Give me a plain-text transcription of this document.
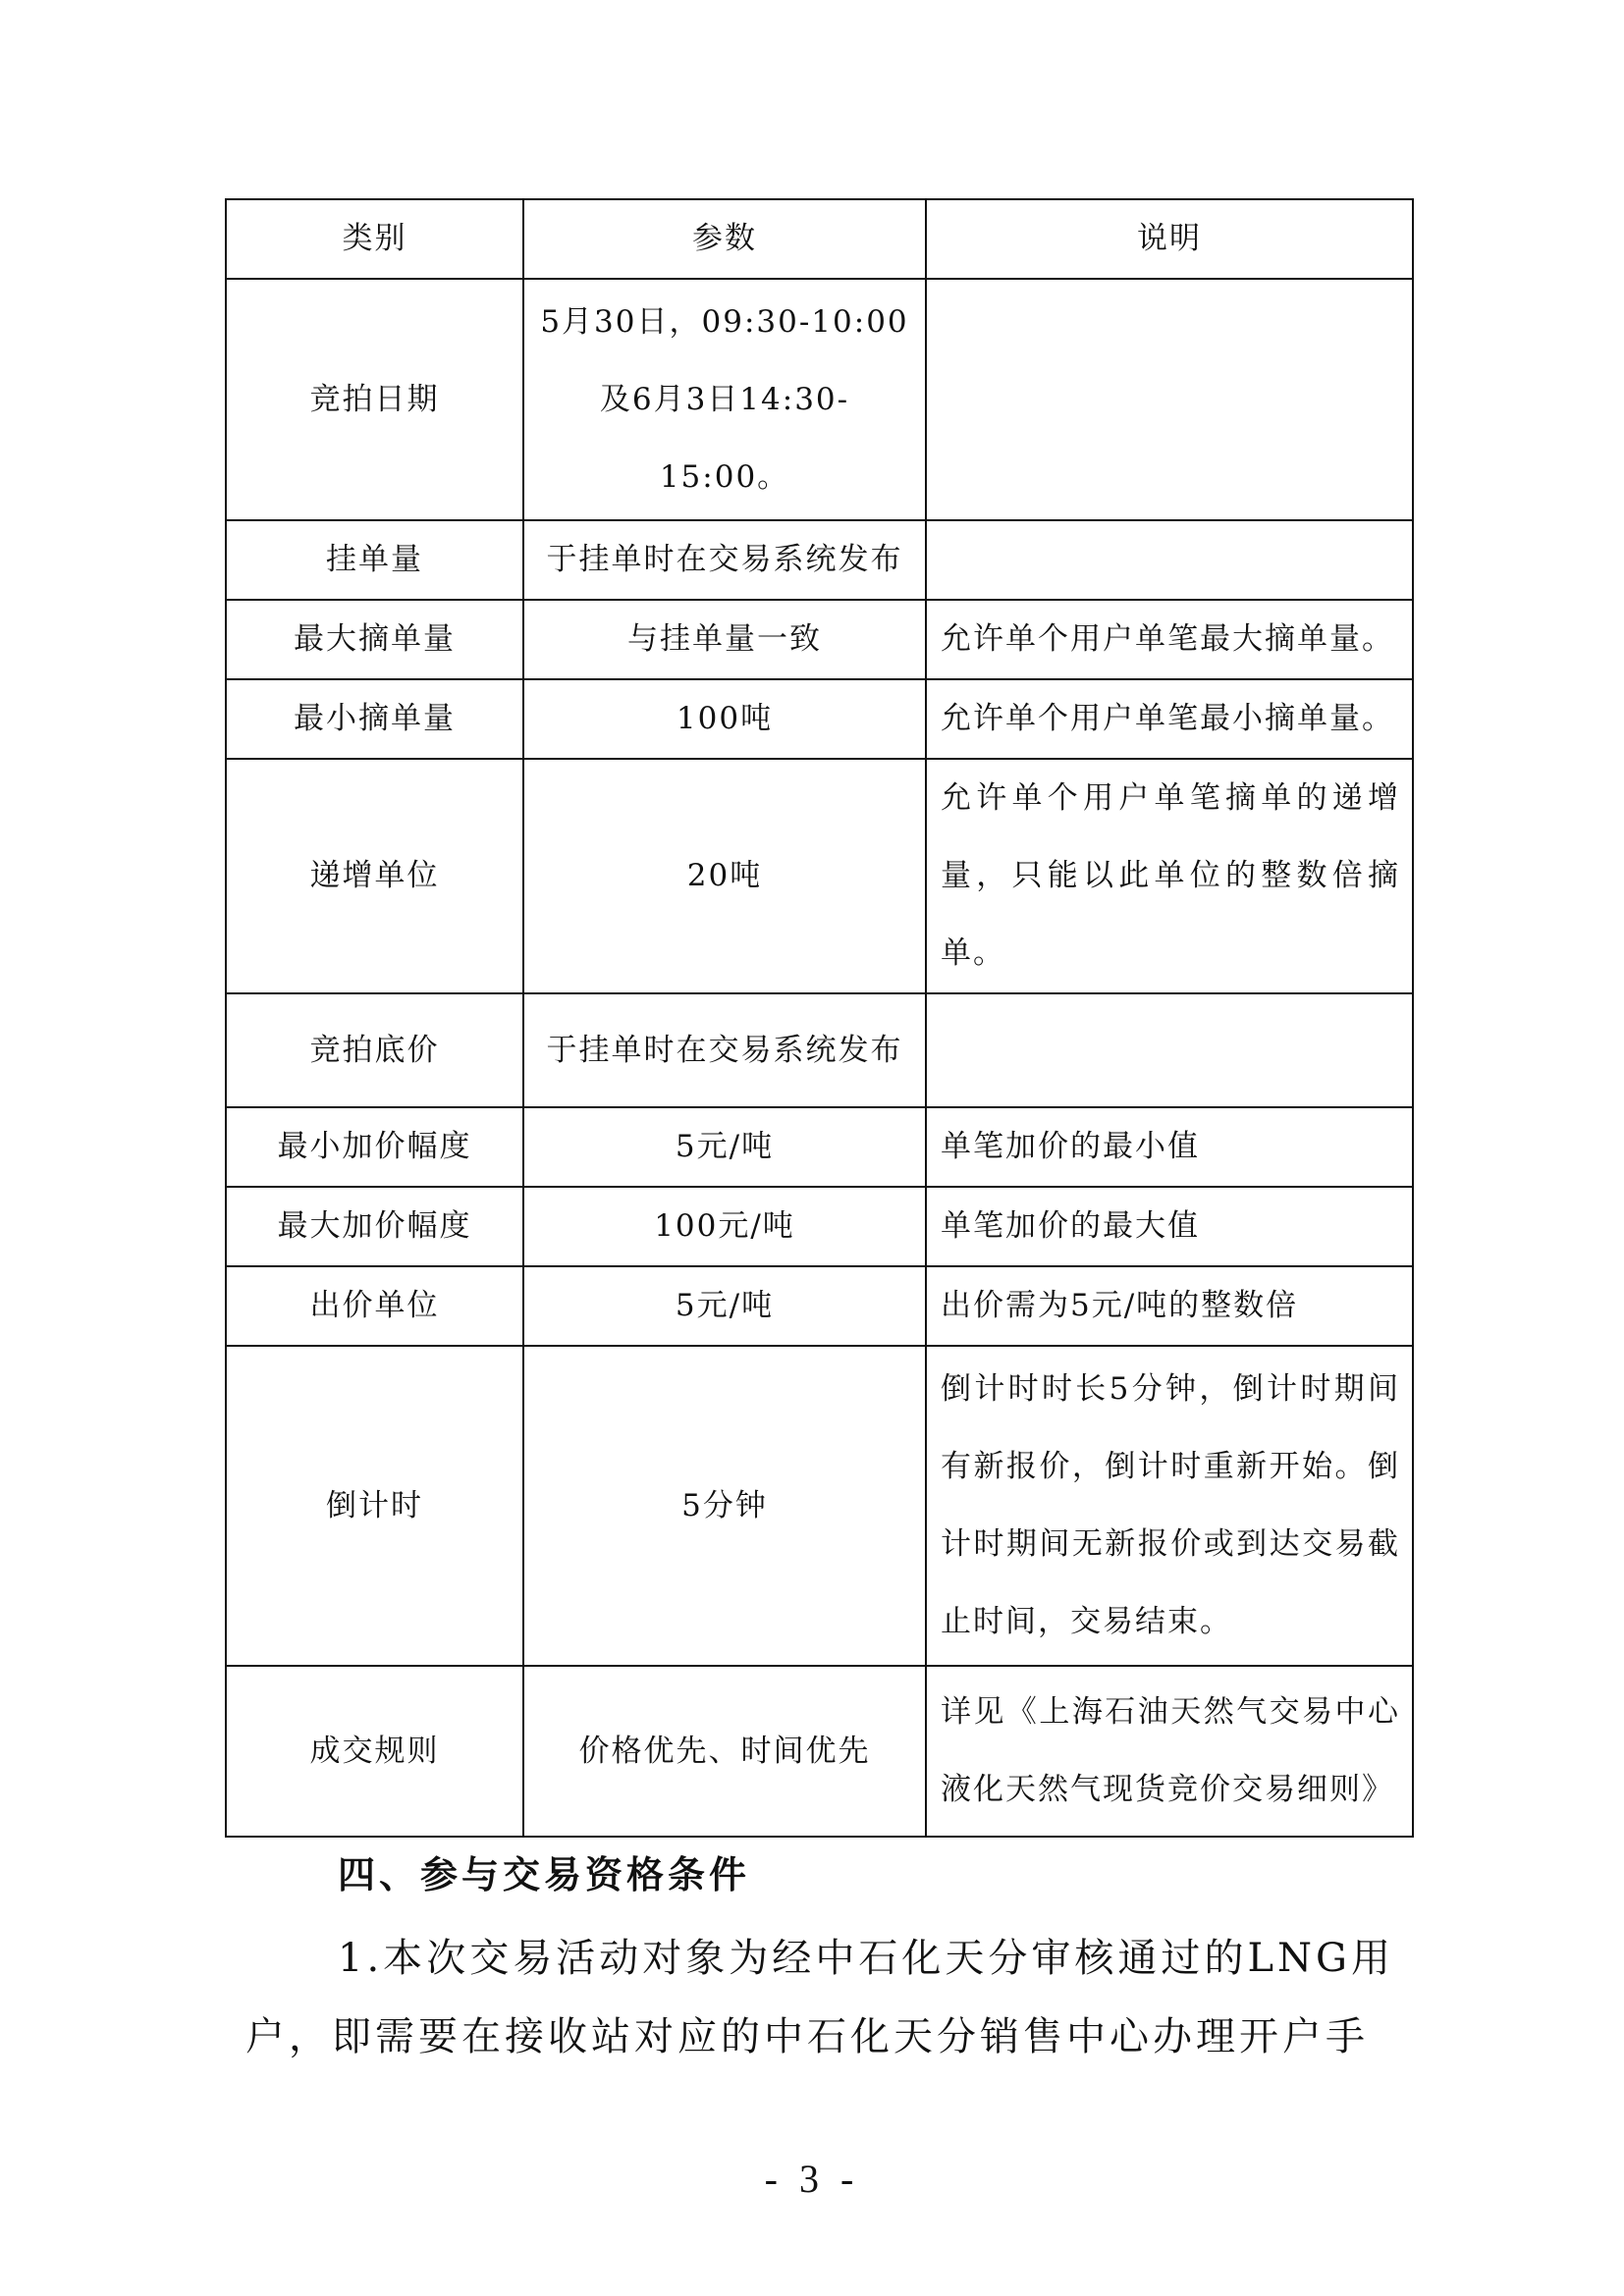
类别	参数	说明
竞拍日期	5月30日，09:30-10:00及6月3日14:30-15:00。	
挂单量	于挂单时在交易系统发布	
最大摘单量	与挂单量一致	允许单个用户单笔最大摘单量。
最小摘单量	100吨	允许单个用户单笔最小摘单量。
递增单位	20吨	允许单个用户单笔摘单的递增量，只能以此单位的整数倍摘单。
竞拍底价	于挂单时在交易系统发布	
最小加价幅度	5元/吨	单笔加价的最小值
最大加价幅度	100元/吨	单笔加价的最大值
出价单位	5元/吨	出价需为5元/吨的整数倍
倒计时	5分钟	倒计时时长5分钟，倒计时期间有新报价，倒计时重新开始。倒计时期间无新报价或到达交易截止时间，交易结束。
成交规则	价格优先、时间优先	详见《上海石油天然气交易中心液化天然气现货竞价交易细则》
四、参与交易资格条件

1.本次交易活动对象为经中石化天分审核通过的LNG用户，即需要在接收站对应的中石化天分销售中心办理开户手

- 3 -
